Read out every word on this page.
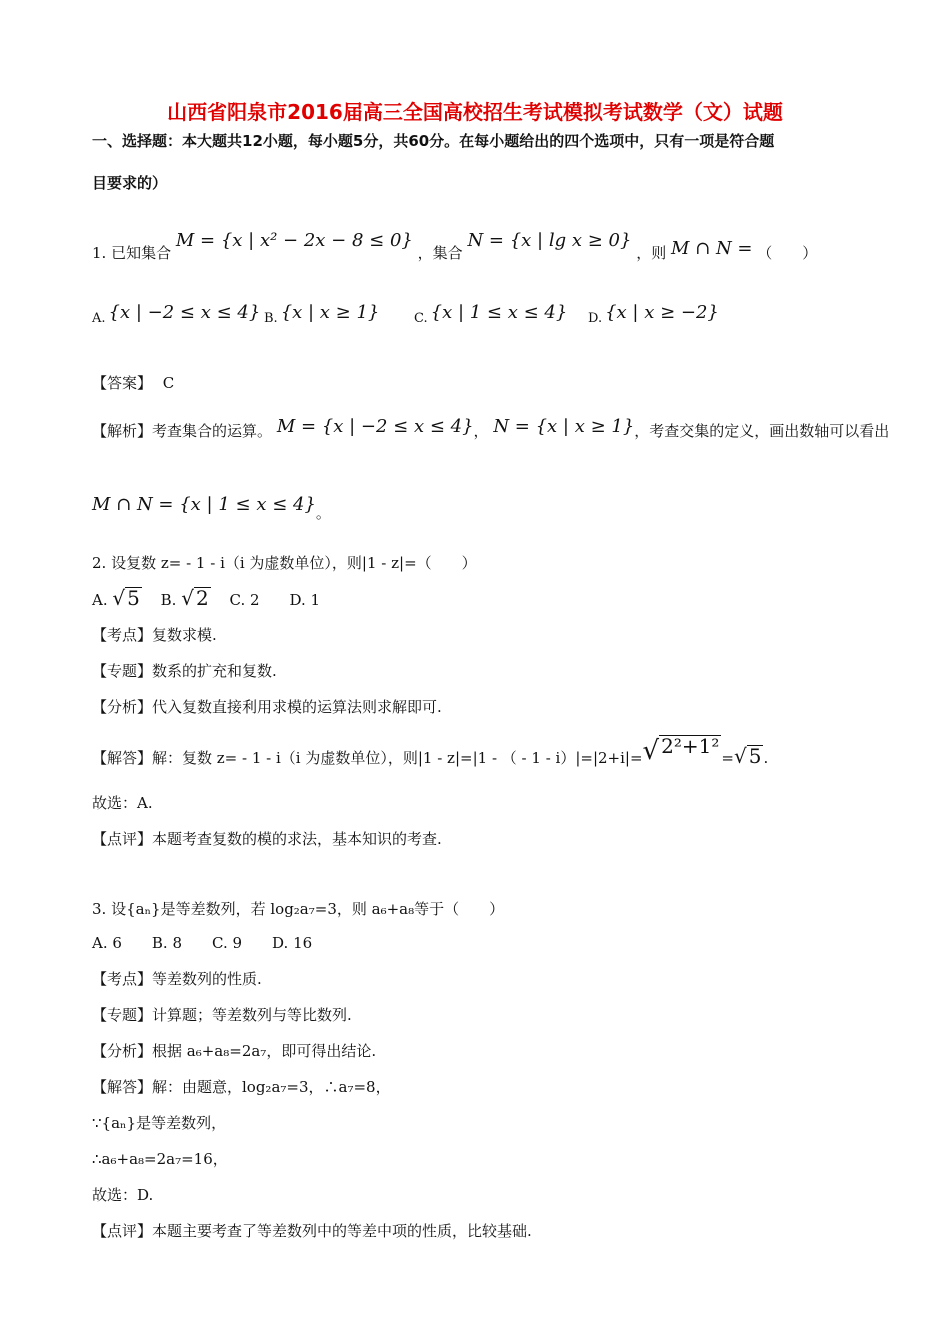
山西省阳泉市2016届高三全国高校招生考试模拟考试数学（文）试题
一、选择题：本大题共12小题，每小题5分，共60分。在每小题给出的四个选项中，只有一项是符合题
目要求的）
1. 已知集合 M = {x | x² − 2x − 8 ≤ 0} ，集合 N = {x | lg x ≥ 0} ，则 M ∩ N = （　　）
A. {x | −2 ≤ x ≤ 4} B. {x | x ≥ 1}	C. {x | 1 ≤ x ≤ 4} D. {x | x ≥ −2}
【答案】 C
【解析】考查集合的运算。 M = {x | −2 ≤ x ≤ 4}， N = {x | x ≥ 1}，考查交集的定义，画出数轴可以看出
M ∩ N = {x | 1 ≤ x ≤ 4}。
2. 设复数 z= - 1 - i（i 为虚数单位），则|1 - z|=（　　）
A. √ 5 B. √ 2 C. 2　　D. 1
【考点】复数求模.
【专题】数系的扩充和复数.
【分析】代入复数直接利用求模的运算法则求解即可.
【解答】解：复数 z= - 1 - i（i 为虚数单位），则|1 - z|=|1 - （ - 1 - i）|=|2+i|=√ 2²+1² =√ 5 .
故选：A.
【点评】本题考查复数的模的求法，基本知识的考查.
3. 设{aₙ}是等差数列，若 log₂a₇=3，则 a₆+a₈等于（　　）
A. 6　　B. 8　　C. 9　　D. 16
【考点】等差数列的性质.
【专题】计算题；等差数列与等比数列.
【分析】根据 a₆+a₈=2a₇，即可得出结论.
【解答】解：由题意，log₂a₇=3，∴a₇=8，
∵{aₙ}是等差数列，
∴a₆+a₈=2a₇=16，
故选：D.
【点评】本题主要考查了等差数列中的等差中项的性质，比较基础.
